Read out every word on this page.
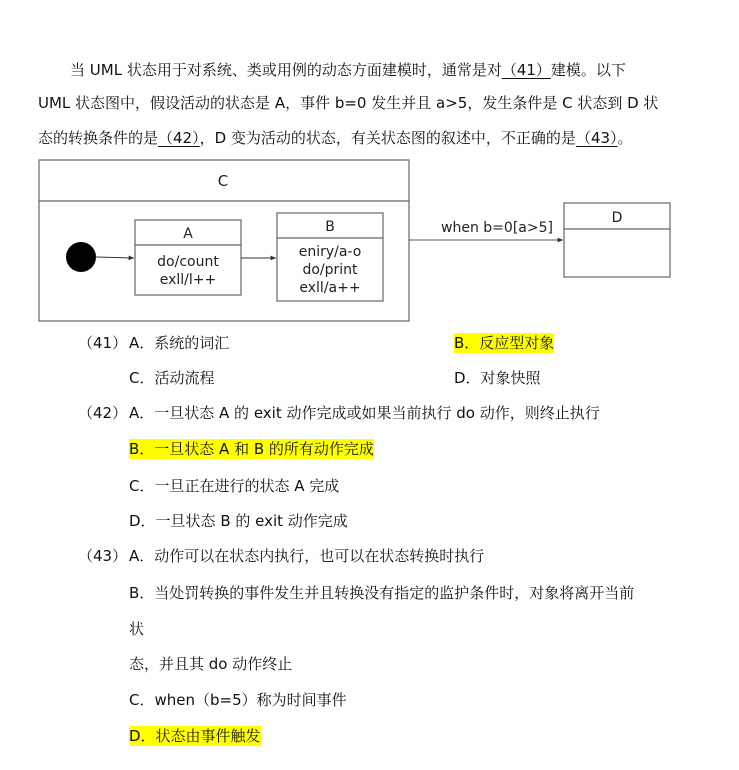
当 UML 状态用于对系统、类或用例的动态方面建模时，通常是对（41）建模。以下
UML 状态图中，假设活动的状态是 A，事件 b=0 发生并且 a>5，发生条件是 C 状态到 D 状
态的转换条件的是（42），D 变为活动的状态，有关状态图的叙述中，不正确的是（43）。
C
A
do/count
exll/l++
B
eniry/a-o
do/print
exll/a++
when b=0[a>5]
D
（41） A．系统的词汇	B．反应型对象
C．活动流程	D．对象快照
（42） A．一旦状态 A 的 exit 动作完成或如果当前执行 do 动作，则终止执行
B．一旦状态 A 和 B 的所有动作完成
C．一旦正在进行的状态 A 完成
D．一旦状态 B 的 exit 动作完成
（43） A．动作可以在状态内执行，也可以在状态转换时执行
B．当处罚转换的事件发生并且转换没有指定的监护条件时，对象将离开当前
状
态，并且其 do 动作终止
C．when（b=5）称为时间事件
D．状态由事件触发
